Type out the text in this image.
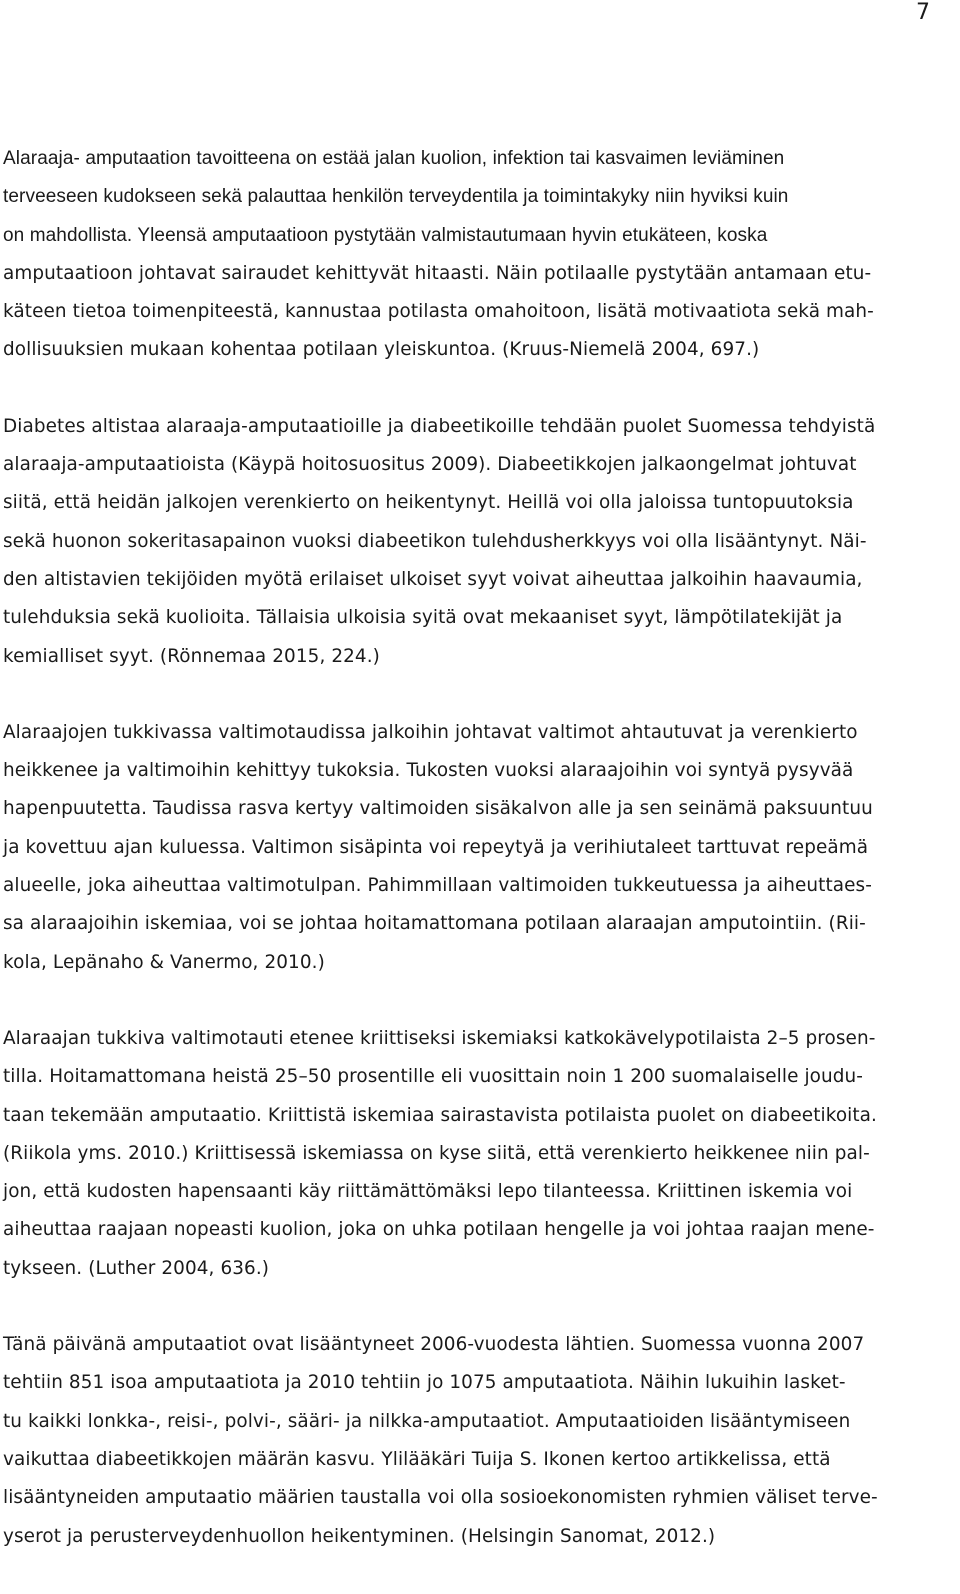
7

Alaraaja- amputaation tavoitteena on estää jalan kuolion, infektion tai kasvaimen leviäminen
terveeseen kudokseen sekä palauttaa henkilön terveydentila ja toimintakyky niin hyviksi kuin
on mahdollista. Yleensä amputaatioon pystytään valmistautumaan hyvin etukäteen, koska
amputaatioon johtavat sairaudet kehittyvät hitaasti. Näin potilaalle pystytään antamaan etu-
käteen tietoa toimenpiteestä, kannustaa potilasta omahoitoon, lisätä motivaatiota sekä mah-
dollisuuksien mukaan kohentaa potilaan yleiskuntoa. (Kruus-Niemelä 2004, 697.)

Diabetes altistaa alaraaja-amputaatioille ja diabeetikoille tehdään puolet Suomessa tehdyistä
alaraaja-amputaatioista (Käypä hoitosuositus 2009). Diabeetikkojen jalkaongelmat johtuvat
siitä, että heidän jalkojen verenkierto on heikentynyt. Heillä voi olla jaloissa tuntopuutoksia
sekä huonon sokeritasapainon vuoksi diabeetikon tulehdusherkkyys voi olla lisääntynyt. Näi-
den altistavien tekijöiden myötä erilaiset ulkoiset syyt voivat aiheuttaa jalkoihin haavaumia,
tulehduksia sekä kuolioita. Tällaisia ulkoisia syitä ovat mekaaniset syyt, lämpötilatekijät ja
kemialliset syyt. (Rönnemaa 2015, 224.)

Alaraajojen tukkivassa valtimotaudissa jalkoihin johtavat valtimot ahtautuvat ja verenkierto
heikkenee ja valtimoihin kehittyy tukoksia. Tukosten vuoksi alaraajoihin voi syntyä pysyvää
hapenpuutetta. Taudissa rasva kertyy valtimoiden sisäkalvon alle ja sen seinämä paksuuntuu
ja kovettuu ajan kuluessa. Valtimon sisäpinta voi repeytyä ja verihiutaleet tarttuvat repeämä
alueelle, joka aiheuttaa valtimotulpan. Pahimmillaan valtimoiden tukkeutuessa ja aiheuttaes-
sa alaraajoihin iskemiaa, voi se johtaa hoitamattomana potilaan alaraajan amputointiin. (Rii-
kola, Lepänaho & Vanermo, 2010.)

Alaraajan tukkiva valtimotauti etenee kriittiseksi iskemiaksi katkokävelypotilaista 2–5 prosen-
tilla. Hoitamattomana heistä 25–50 prosentille eli vuosittain noin 1 200 suomalaiselle joudu-
taan tekemään amputaatio. Kriittistä iskemiaa sairastavista potilaista puolet on diabeetikoita.
(Riikola yms. 2010.) Kriittisessä iskemiassa on kyse siitä, että verenkierto heikkenee niin pal-
jon, että kudosten hapensaanti käy riittämättömäksi lepo tilanteessa. Kriittinen iskemia voi
aiheuttaa raajaan nopeasti kuolion, joka on uhka potilaan hengelle ja voi johtaa raajan mene-
tykseen. (Luther 2004, 636.)

Tänä päivänä amputaatiot ovat lisääntyneet 2006-vuodesta lähtien. Suomessa vuonna 2007
tehtiin 851 isoa amputaatiota ja 2010 tehtiin jo 1075 amputaatiota. Näihin lukuihin lasket-
tu kaikki lonkka-, reisi-, polvi-, sääri- ja nilkka-amputaatiot. Amputaatioiden lisääntymiseen
vaikuttaa diabeetikkojen määrän kasvu. Ylilääkäri Tuija S. Ikonen kertoo artikkelissa, että
lisääntyneiden amputaatio määrien taustalla voi olla sosioekonomisten ryhmien väliset terve-
yserot ja perusterveydenhuollon heikentyminen. (Helsingin Sanomat, 2012.)
